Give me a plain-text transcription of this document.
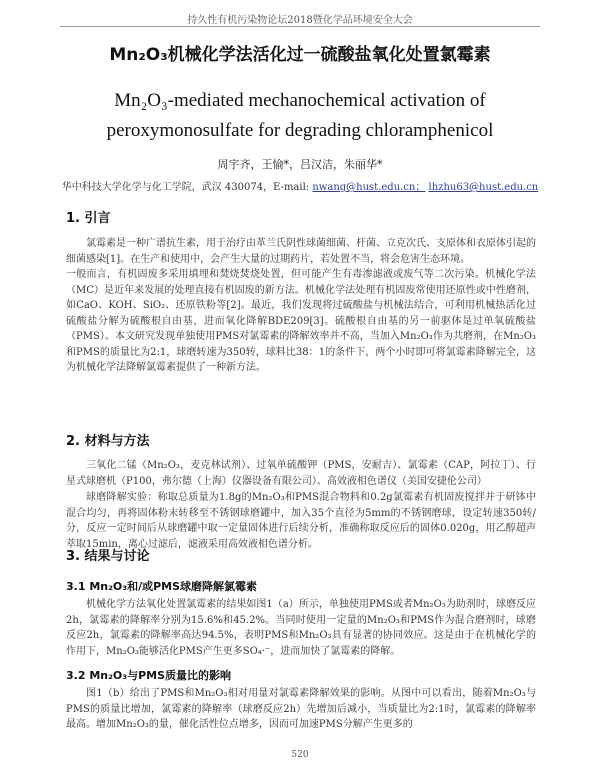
持久性有机污染物论坛2018暨化学品环境安全大会
Mn₂O₃机械化学法活化过一硫酸盐氧化处置氯霉素
Mn₂O₃-mediated mechanochemical activation of
peroxymonosulfate for degrading chloramphenicol
周宇齐，王愉*，吕汉洁，朱丽华*
华中科技大学化学与化工学院，武汉 430074，E-mail: nwang@hust.edu.cn； lhzhu63@hust.edu.cn
1. 引言
氯霉素是一种广谱抗生素，用于治疗由革兰氏阴性球菌细菌、杆菌、立克次氏、支原体和衣原体引起的细菌感染[1]。在生产和使用中，会产生大量的过期药片，若处置不当，将会危害生态环境。
一般而言，有机固废多采用填埋和焚烧焚烧处置，但可能产生有毒渗滤液或废气等二次污染。机械化学法（MC）是近年来发展的处理直接有机固废的新方法。机械化学法处理有机固废常使用还原性或中性磨剂，如CaO、KOH、SiO₂、还原铁粉等[2]。最近，我们发现将过硫酸盐与机械法结合，可利用机械热活化过硫酸盐分解为硫酸根自由基，进而氧化降解BDE209[3]。硫酸根自由基的另一前驱体是过单氧硫酸盐（PMS）。本文研究发现单独使用PMS对氯霉素的降解效率并不高，当加入Mn₂O₃作为共磨剂，在Mn₂O₃和PMS的质量比为2:1，球磨转速为350转，球料比38：1的条件下，两个小时即可将氯霉素降解完全，这为机械化学法降解氯霉素提供了一种新方法。
2. 材料与方法
三氧化二锰（Mn₂O₃，麦克林试剂）、过氧单硫酸钾（PMS，安耐吉）、氯霉素（CAP，阿拉丁）、行星式球磨机（P100，弗尔德（上海）仪器设备有限公司）、高效液相色谱仪（美国安捷伦公司）
球磨降解实验：称取总质量为1.8g的Mn₂O₃和PMS混合物料和0.2g氯霉素有机固废搅拌并于研钵中混合均匀，再将固体粉末转移至不锈钢球磨罐中，加入35个直径为5mm的不锈钢磨球，设定转速350转/分，反应一定时间后从球磨罐中取一定量固体进行后续分析，准确称取反应后的固体0.020g，用乙醇超声萃取15min，离心过滤后，滤液采用高效液相色谱分析。
3. 结果与讨论
3.1 Mn₂O₃和/或PMS球磨降解氯霉素
机械化学方法氧化处置氯霉素的结果如图1（a）所示，单独使用PMS或者Mn₂O₃为助剂时，球磨反应2h，氯霉素的降解率分别为15.6%和45.2%。当同时使用一定量的Mn₂O₃和PMS作为混合磨剂时，球磨反应2h，氯霉素的降解率高达94.5%，表明PMS和Mn₂O₃具有显著的协同效应。这是由于在机械化学的作用下，Mn₂O₃能够活化PMS产生更多SO₄·⁻，进而加快了氯霉素的降解。
3.2 Mn₂O₃与PMS质量比的影响
图1（b）给出了PMS和Mn₂O₃相对用量对氯霉素降解效果的影响。从图中可以看出，随着Mn₂O₃与PMS的质量比增加，氯霉素的降解率（球磨反应2h）先增加后减小，当质量比为2:1时，氯霉素的降解率最高。增加Mn₂O₃的量，催化活性位点增多，因而可加速PMS分解产生更多的
520
